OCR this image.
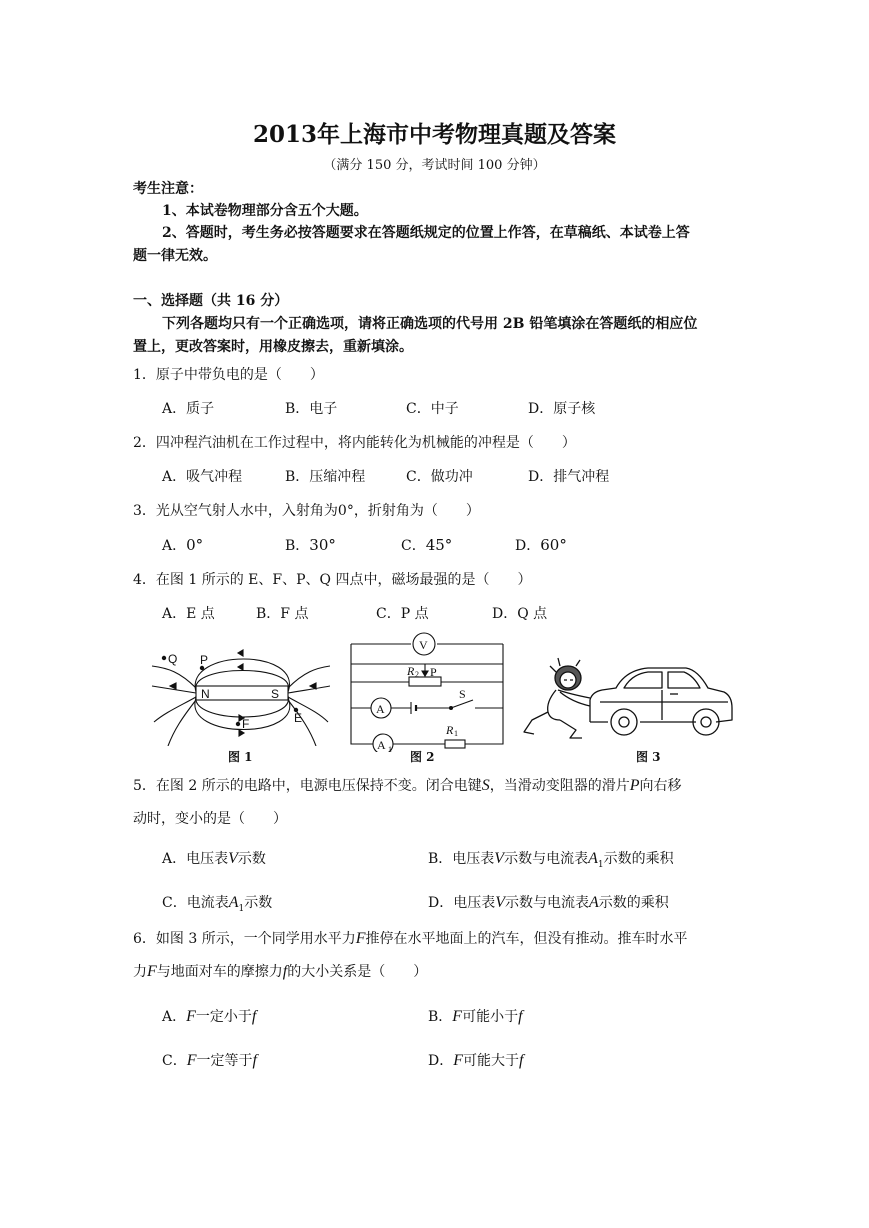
2013年上海市中考物理真题及答案
（满分 150 分，考试时间 100 分钟）
考生注意：
1、本试卷物理部分含五个大题。
2、答题时，考生务必按答题要求在答题纸规定的位置上作答，在草稿纸、本试卷上答
题一律无效。
一、选择题（共 16 分）
下列各题均只有一个正确选项，请将正确选项的代号用 2B 铅笔填涂在答题纸的相应位
置上，更改答案时，用橡皮擦去，重新填涂。
1．原子中带负电的是（　　）
A．质子	B．电子	C．中子	D．原子核
2．四冲程汽油机在工作过程中，将内能转化为机械能的冲程是（　　）
A．吸气冲程	B．压缩冲程	C．做功冲	D．排气冲程
3．光从空气射人水中，入射角为0°，折射角为（　　）
A．0°	B．30°	C．45°	D．60°
4．在图 1 所示的 E、F、P、Q 四点中，磁场最强的是（　　）
A．E 点	B．F 点	C．P 点	D．Q 点
Q P
N	S
E
F
图 1
V
A
A 1
R 2 P
S
R 1
图 2	图 3
5．在图 2 所示的电路中，电源电压保持不变。闭合电键S，当滑动变阻器的滑片P向右移
动时，变小的是（　　）
A．电压表V示数	B．电压表V示数与电流表$A_1$示数的乘积
C．电流表$A_1$示数	D．电压表V示数与电流表A示数的乘积
6．如图 3 所示，一个同学用水平力F推停在水平地面上的汽车，但没有推动。推车时水平
力F与地面对车的摩擦力f的大小关系是（　　）
A．F一定小于f	B．F可能小于f
C．F一定等于f	D．F可能大于f
